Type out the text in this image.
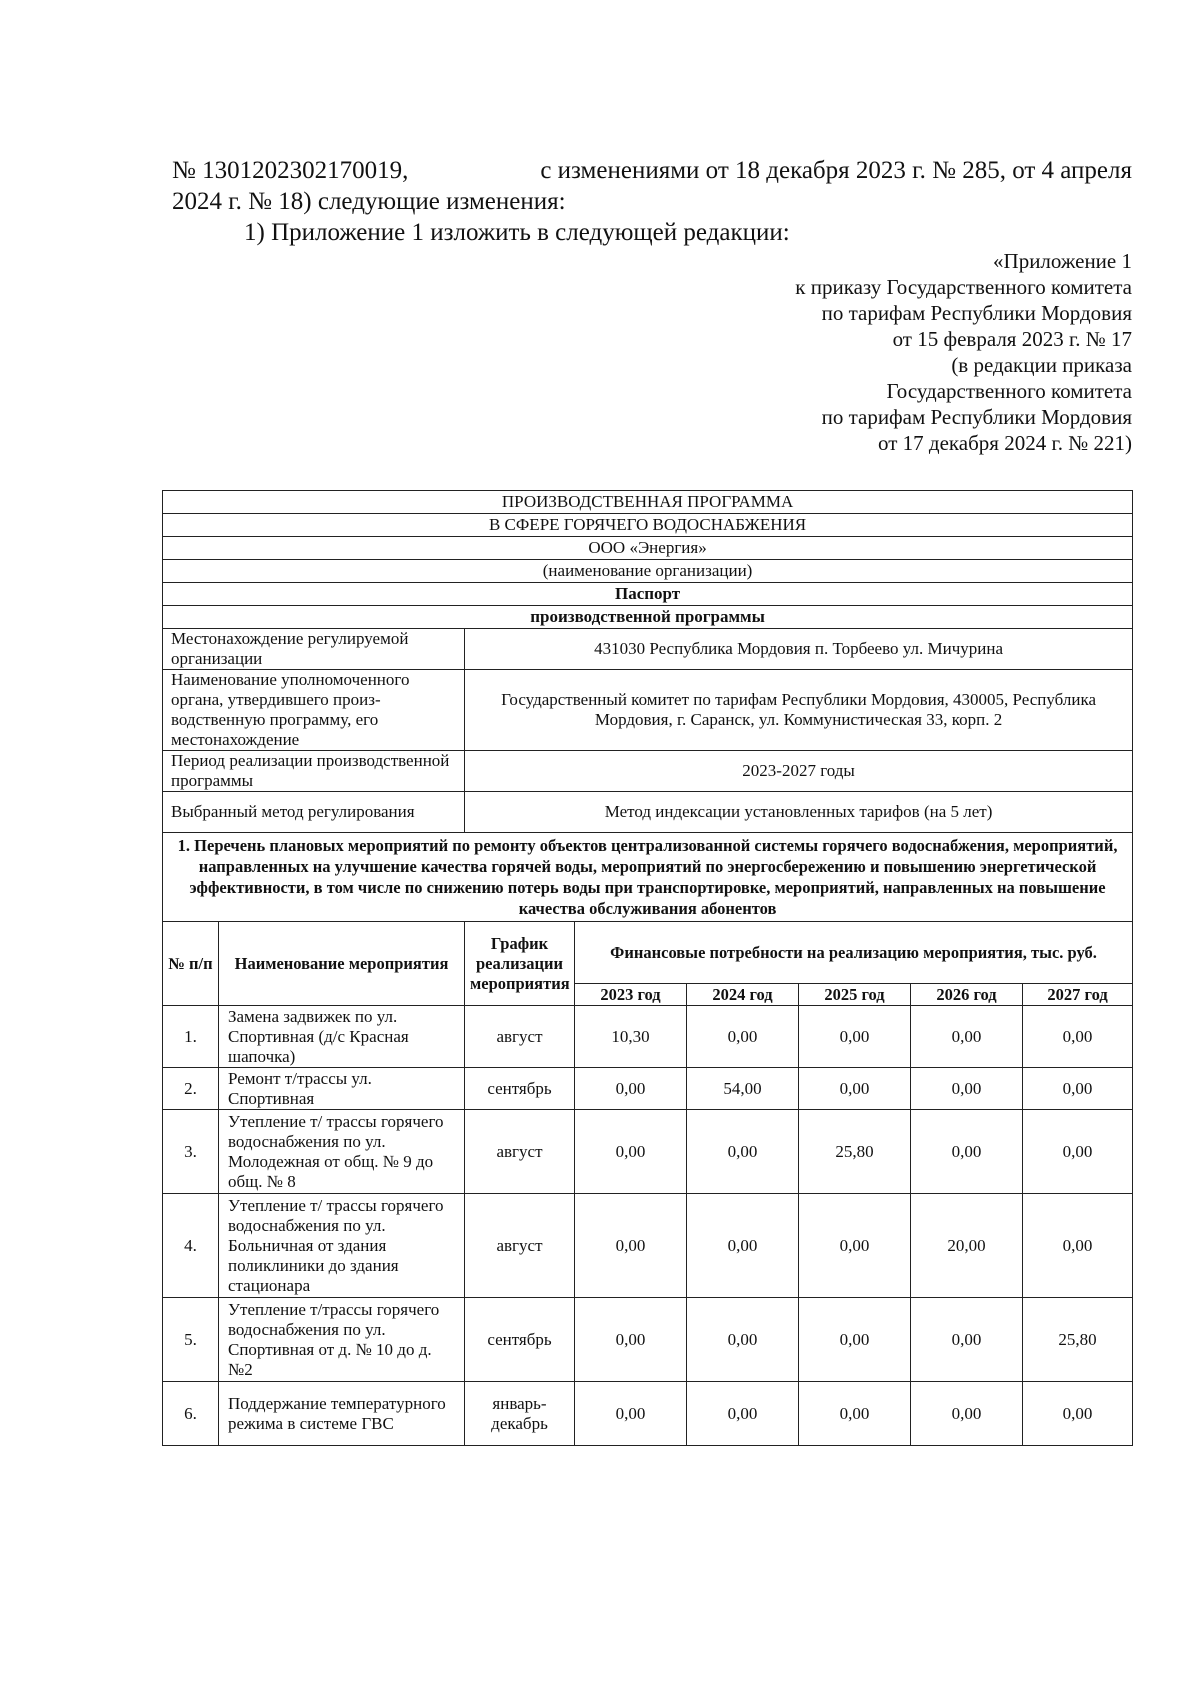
№ 1301202302170019,	с изменениями от 18 декабря 2023 г. № 285, от 4 апреля
2024 г. № 18) следующие изменения:
1) Приложение 1 изложить в следующей редакции:
«Приложение 1
к приказу Государственного комитета
по тарифам Республики Мордовия
от 15 февраля 2023 г. № 17
(в редакции приказа
Государственного комитета
по тарифам Республики Мордовия
от 17 декабря 2024 г. № 221)
ПРОИЗВОДСТВЕННАЯ ПРОГРАММА							
В СФЕРЕ ГОРЯЧЕГО ВОДОСНАБЖЕНИЯ							
ООО «Энергия»							
(наименование организации)							
Паспорт							
производственной программы							
Местонахождение регулируемой организации		431030 Республика Мордовия п. Торбеево ул. Мичурина					
Наименование уполномоченного органа, утвердившего произ-водственную программу, его местонахождение		Государственный комитет по тарифам Республики Мордовия, 430005, Республика Мордовия, г. Саранск, ул. Коммунистическая 33, корп. 2					
Период реализации производственной программы		2023-2027 годы					
Выбранный метод регулирования		Метод индексации установленных тарифов (на 5 лет)					
1. Перечень плановых мероприятий по ремонту объектов централизованной системы горячего водоснабжения, мероприятий, направленных на улучшение качества горячей воды, мероприятий по энергосбережению и повышению энергетической эффективности, в том числе по снижению потерь воды при транспортировке, мероприятий, направленных на повышение качества обслуживания абонентов							
№ п/п	Наименование мероприятия	График реализации мероприятия	Финансовые потребности на реализацию мероприятия, тыс. руб.				
			2023 год	2024 год	2025 год	2026 год	2027 год
1.	Замена задвижек по ул. Спортивная (д/с Красная шапочка)	август	10,30	0,00	0,00	0,00	0,00
2.	Ремонт т/трассы ул. Спортивная	сентябрь	0,00	54,00	0,00	0,00	0,00
3.	Утепление т/ трассы горячего водоснабжения по ул. Молодежная от общ. № 9 до общ. № 8	август	0,00	0,00	25,80	0,00	0,00
4.	Утепление т/ трассы горячего водоснабжения по ул. Больничная от здания поликлиники до здания стационара	август	0,00	0,00	0,00	20,00	0,00
5.	Утепление т/трассы горячего водоснабжения по ул. Спортивная от д. № 10 до д. №2	сентябрь	0,00	0,00	0,00	0,00	25,80
6.	Поддержание температурного режима в системе ГВС	январь-декабрь	0,00	0,00	0,00	0,00	0,00
